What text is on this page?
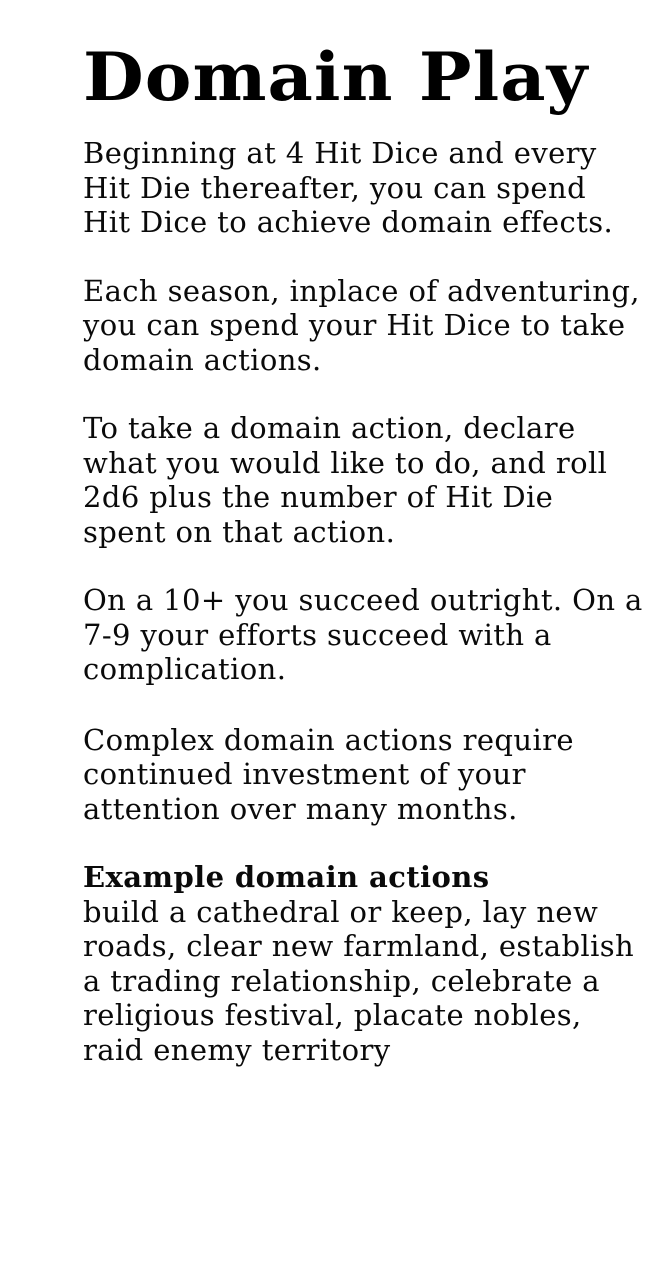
Domain Play

Beginning at 4 Hit Dice and every Hit Die thereafter, you can spend Hit Dice to achieve domain effects.

Each season, inplace of adventuring, you can spend your Hit Dice to take domain actions.

To take a domain action, declare what you would like to do, and roll 2d6 plus the number of Hit Die spent on that action.

On a 10+ you succeed outright. On a 7-9 your efforts succeed with a complication.

Complex domain actions require continued investment of your attention over many months.

Example domain actions
build a cathedral or keep, lay new roads, clear new farmland, establish a trading relationship, celebrate a religious festival, placate nobles, raid enemy territory
